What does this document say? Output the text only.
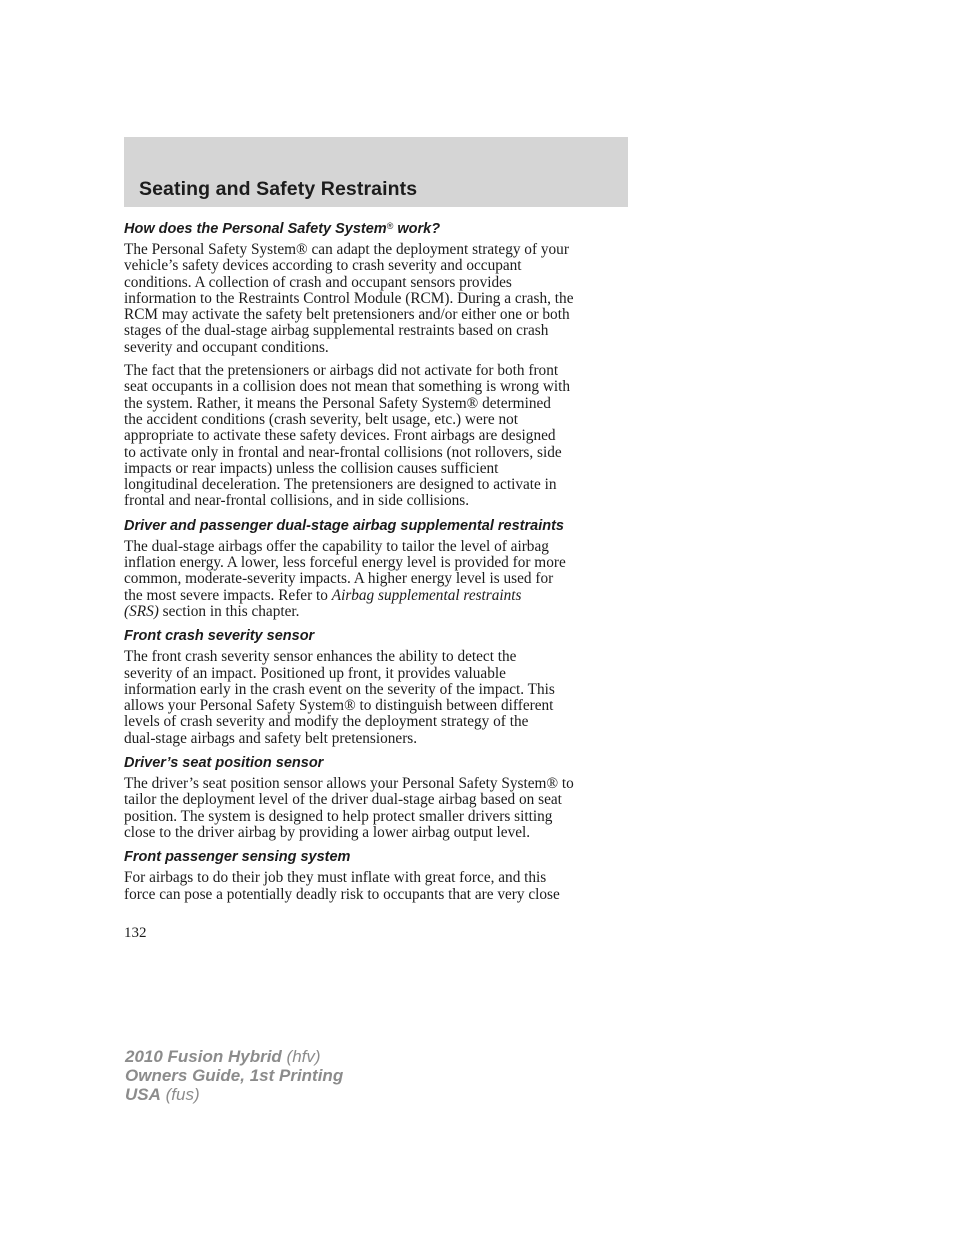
Seating and Safety Restraints
How does the Personal Safety System® work?

The Personal Safety System® can adapt the deployment strategy of your
vehicle’s safety devices according to crash severity and occupant
conditions. A collection of crash and occupant sensors provides
information to the Restraints Control Module (RCM). During a crash, the
RCM may activate the safety belt pretensioners and/or either one or both
stages of the dual-stage airbag supplemental restraints based on crash
severity and occupant conditions.

The fact that the pretensioners or airbags did not activate for both front
seat occupants in a collision does not mean that something is wrong with
the system. Rather, it means the Personal Safety System® determined
the accident conditions (crash severity, belt usage, etc.) were not
appropriate to activate these safety devices. Front airbags are designed
to activate only in frontal and near-frontal collisions (not rollovers, side
impacts or rear impacts) unless the collision causes sufficient
longitudinal deceleration. The pretensioners are designed to activate in
frontal and near-frontal collisions, and in side collisions.

Driver and passenger dual-stage airbag supplemental restraints

The dual-stage airbags offer the capability to tailor the level of airbag
inflation energy. A lower, less forceful energy level is provided for more
common, moderate-severity impacts. A higher energy level is used for
the most severe impacts. Refer to Airbag supplemental restraints
(SRS) section in this chapter.

Front crash severity sensor

The front crash severity sensor enhances the ability to detect the
severity of an impact. Positioned up front, it provides valuable
information early in the crash event on the severity of the impact. This
allows your Personal Safety System® to distinguish between different
levels of crash severity and modify the deployment strategy of the
dual-stage airbags and safety belt pretensioners.

Driver’s seat position sensor

The driver’s seat position sensor allows your Personal Safety System® to
tailor the deployment level of the driver dual-stage airbag based on seat
position. The system is designed to help protect smaller drivers sitting
close to the driver airbag by providing a lower airbag output level.

Front passenger sensing system

For airbags to do their job they must inflate with great force, and this
force can pose a potentially deadly risk to occupants that are very close

132

2010 Fusion Hybrid (hfv)
Owners Guide, 1st Printing
USA (fus)
